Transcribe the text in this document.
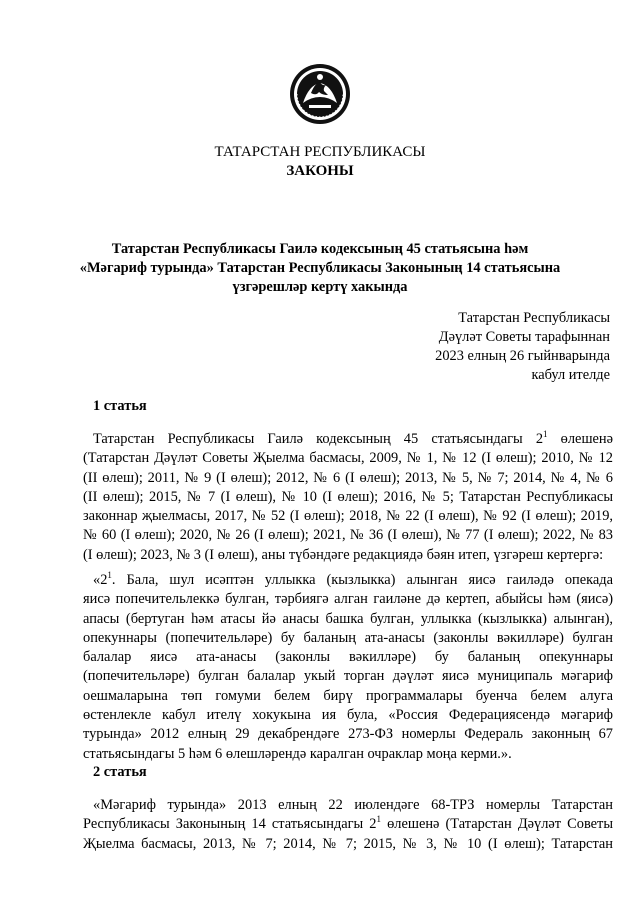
ТАТАРСТАН РЕСПУБЛИКАСЫ
ЗАКОНЫ
Татарстан Республикасы Гаилә кодексының 45 статьясына һәм
«Мәгариф турында» Татарстан Республикасы Законының 14 статьясына
үзгәрешләр кертү хакында
Татарстан Республикасы
Дәүләт Советы тарафыннан
2023 елның 26 гыйнварында
кабул ителде
1 статья
Татарстан Республикасы Гаилә кодексының 45 статьясындагы $2^1$ өлешенә
(Татарстан Дәүләт Советы Җыелма басмасы, 2009, № 1, № 12 (I өлеш); 2010, № 12
(II өлеш); 2011, № 9 (I өлеш); 2012, № 6 (I өлеш); 2013, № 5, № 7; 2014, № 4, № 6
(II өлеш); 2015, № 7 (I өлеш), № 10 (I өлеш); 2016, № 5; Татарстан Республикасы
законнар җыелмасы, 2017, № 52 (I өлеш); 2018, № 22 (I өлеш), № 92 (I өлеш); 2019,
№ 60 (I өлеш); 2020, № 26 (I өлеш); 2021, № 36 (I өлеш), № 77 (I өлеш); 2022, № 83
(I өлеш); 2023, № 3 (I өлеш), аны түбәндәге редакциядә бәян итеп, үзгәреш кертергә:
«$2^1$. Бала, шул исәптән уллыкка (кызлыкка) алынган яисә гаиләдә опекада
яисә попечительлеккә булган, тәрбиягә алган гаиләне дә кертеп, абыйсы һәм (яисә)
апасы (бертуган һәм атасы йә анасы башка булган, уллыкка (кызлыкка) алынган),
опекуннары (попечительләре) бу баланың ата-анасы (законлы вәкилләре) булган
балалар яисә ата-анасы (законлы вәкилләре) бу баланың опекуннары
(попечительләре) булган балалар укый торган дәүләт яисә муниципаль мәгариф
оешмаларына төп гомуми белем бирү программалары буенча белем алуга
өстенлекле кабул ителү хокукына ия була, «Россия Федерациясендә мәгариф
турында» 2012 елның 29 декабрендәге 273-ФЗ номерлы Федераль законның 67
статьясындагы 5 һәм 6 өлешләрендә каралган очраклар моңа керми.».
2 статья
«Мәгариф турында» 2013 елның 22 июлендәге 68-ТРЗ номерлы Татарстан
Республикасы Законының 14 статьясындагы $2^1$ өлешенә (Татарстан Дәүләт Советы
Җыелма басмасы, 2013, № 7; 2014, № 7; 2015, № 3, № 10 (I өлеш); Татарстан
